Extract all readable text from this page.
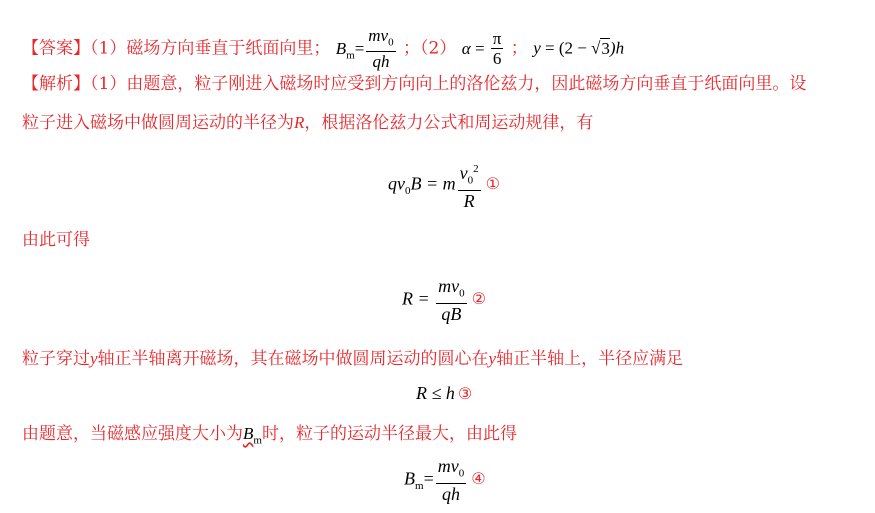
【答案】（1）磁场方向垂直于纸面向里； $B_m= \frac{mv_0}{qh}$ ；（2） $\alpha = \frac{\pi}{6}$ ； y = (2 − √3)h
【解析】（1）由题意，粒子刚进入磁场时应受到方向向上的洛伦兹力，因此磁场方向垂直于纸面向里。设
粒子进入磁场中做圆周运动的半径为R，根据洛伦兹力公式和周运动规律，有
$qv_0B = m \frac{v_0^2}{R}$ ①
由此可得
$R = \frac{mv_0}{qB}$ ②
粒子穿过y轴正半轴离开磁场，其在磁场中做圆周运动的圆心在y轴正半轴上，半径应满足
R ≤ h ③
由题意，当磁感应强度大小为$B_m$时，粒子的运动半径最大，由此得
$B_m= \frac{mv_0}{qh}$ ④
